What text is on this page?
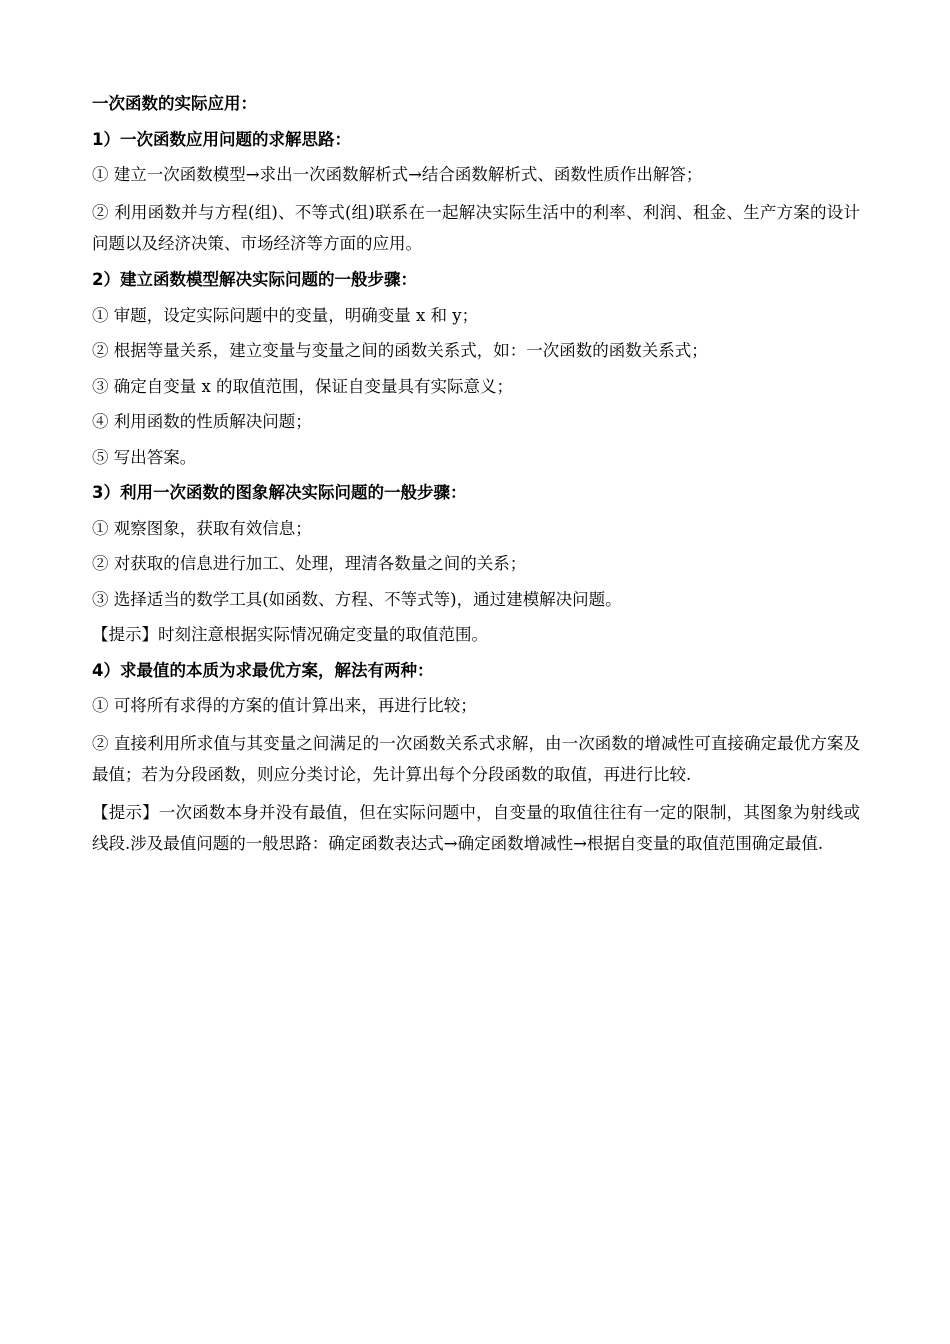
一次函数的实际应用：
1）一次函数应用问题的求解思路：
① 建立一次函数模型→求出一次函数解析式→结合函数解析式、函数性质作出解答；
② 利用函数并与方程(组)、不等式(组)联系在一起解决实际生活中的利率、利润、租金、生产方案的设计问题以及经济决策、市场经济等方面的应用。
2）建立函数模型解决实际问题的一般步骤：
① 审题，设定实际问题中的变量，明确变量 x 和 y；
② 根据等量关系，建立变量与变量之间的函数关系式，如：一次函数的函数关系式；
③ 确定自变量 x 的取值范围，保证自变量具有实际意义；
④ 利用函数的性质解决问题；
⑤ 写出答案。
3）利用一次函数的图象解决实际问题的一般步骤：
① 观察图象，获取有效信息；
② 对获取的信息进行加工、处理，理清各数量之间的关系；
③ 选择适当的数学工具(如函数、方程、不等式等)，通过建模解决问题。
【提示】时刻注意根据实际情况确定变量的取值范围。
4）求最值的本质为求最优方案，解法有两种：
① 可将所有求得的方案的值计算出来，再进行比较；
② 直接利用所求值与其变量之间满足的一次函数关系式求解，由一次函数的增减性可直接确定最优方案及最值；若为分段函数，则应分类讨论，先计算出每个分段函数的取值，再进行比较.
【提示】一次函数本身并没有最值，但在实际问题中，自变量的取值往往有一定的限制，其图象为射线或线段.涉及最值问题的一般思路：确定函数表达式→确定函数增减性→根据自变量的取值范围确定最值.
